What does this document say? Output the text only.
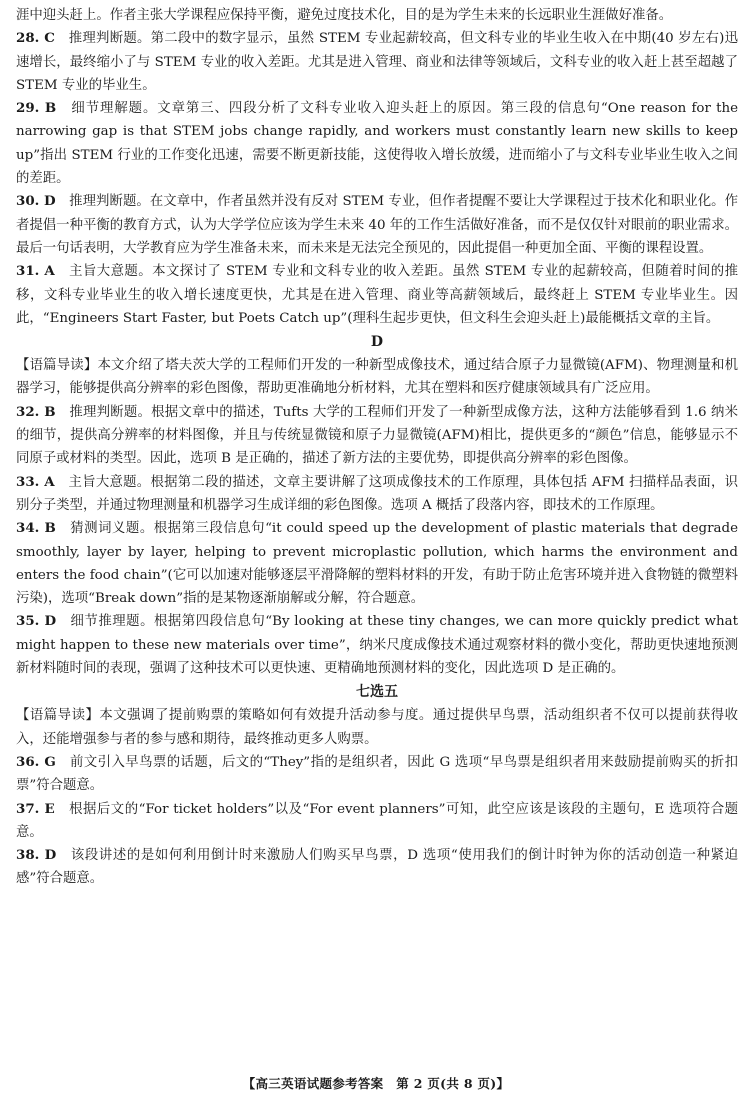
涯中迎头赶上。作者主张大学课程应保持平衡，避免过度技术化，目的是为学生未来的长远职业生涯做好准备。

28. C　推理判断题。第二段中的数字显示，虽然 STEM 专业起薪较高，但文科专业的毕业生收入在中期(40 岁左右)迅速增长，最终缩小了与 STEM 专业的收入差距。尤其是进入管理、商业和法律等领域后，文科专业的收入赶上甚至超越了 STEM 专业的毕业生。

29. B　细节理解题。文章第三、四段分析了文科专业收入迎头赶上的原因。第三段的信息句“One reason for the narrowing gap is that STEM jobs change rapidly, and workers must constantly learn new skills to keep up”指出 STEM 行业的工作变化迅速，需要不断更新技能，这使得收入增长放缓，进而缩小了与文科专业毕业生收入之间的差距。

30. D　推理判断题。在文章中，作者虽然并没有反对 STEM 专业，但作者提醒不要让大学课程过于技术化和职业化。作者提倡一种平衡的教育方式，认为大学学位应该为学生未来 40 年的工作生活做好准备，而不是仅仅针对眼前的职业需求。最后一句话表明，大学教育应为学生准备未来，而未来是无法完全预见的，因此提倡一种更加全面、平衡的课程设置。

31. A　主旨大意题。本文探讨了 STEM 专业和文科专业的收入差距。虽然 STEM 专业的起薪较高，但随着时间的推移，文科专业毕业生的收入增长速度更快，尤其是在进入管理、商业等高薪领域后，最终赶上 STEM 专业毕业生。因此，“Engineers Start Faster, but Poets Catch up”(理科生起步更快，但文科生会迎头赶上)最能概括文章的主旨。

D

【语篇导读】本文介绍了塔夫茨大学的工程师们开发的一种新型成像技术，通过结合原子力显微镜(AFM)、物理测量和机器学习，能够提供高分辨率的彩色图像，帮助更准确地分析材料，尤其在塑料和医疗健康领域具有广泛应用。

32. B　推理判断题。根据文章中的描述，Tufts 大学的工程师们开发了一种新型成像方法，这种方法能够看到 1.6 纳米的细节，提供高分辨率的材料图像，并且与传统显微镜和原子力显微镜(AFM)相比，提供更多的“颜色”信息，能够显示不同原子或材料的类型。因此，选项 B 是正确的，描述了新方法的主要优势，即提供高分辨率的彩色图像。

33. A　主旨大意题。根据第二段的描述，文章主要讲解了这项成像技术的工作原理，具体包括 AFM 扫描样品表面，识别分子类型，并通过物理测量和机器学习生成详细的彩色图像。选项 A 概括了段落内容，即技术的工作原理。

34. B　猜测词义题。根据第三段信息句“it could speed up the development of plastic materials that degrade smoothly, layer by layer, helping to prevent microplastic pollution, which harms the environment and enters the food chain”(它可以加速对能够逐层平滑降解的塑料材料的开发，有助于防止危害环境并进入食物链的微塑料污染)，选项“Break down”指的是某物逐渐崩解或分解，符合题意。

35. D　细节推理题。根据第四段信息句“By looking at these tiny changes, we can more quickly predict what might happen to these new materials over time”，纳米尺度成像技术通过观察材料的微小变化，帮助更快速地预测新材料随时间的表现，强调了这种技术可以更快速、更精确地预测材料的变化，因此选项 D 是正确的。

七选五

【语篇导读】本文强调了提前购票的策略如何有效提升活动参与度。通过提供早鸟票，活动组织者不仅可以提前获得收入，还能增强参与者的参与感和期待，最终推动更多人购票。

36. G　前文引入早鸟票的话题，后文的“They”指的是组织者，因此 G 选项“早鸟票是组织者用来鼓励提前购买的折扣票”符合题意。

37. E　根据后文的“For ticket holders”以及“For event planners”可知，此空应该是该段的主题句，E 选项符合题意。

38. D　该段讲述的是如何利用倒计时来激励人们购买早鸟票，D 选项“使用我们的倒计时钟为你的活动创造一种紧迫感”符合题意。

【高三英语试题参考答案　第 2 页(共 8 页)】
